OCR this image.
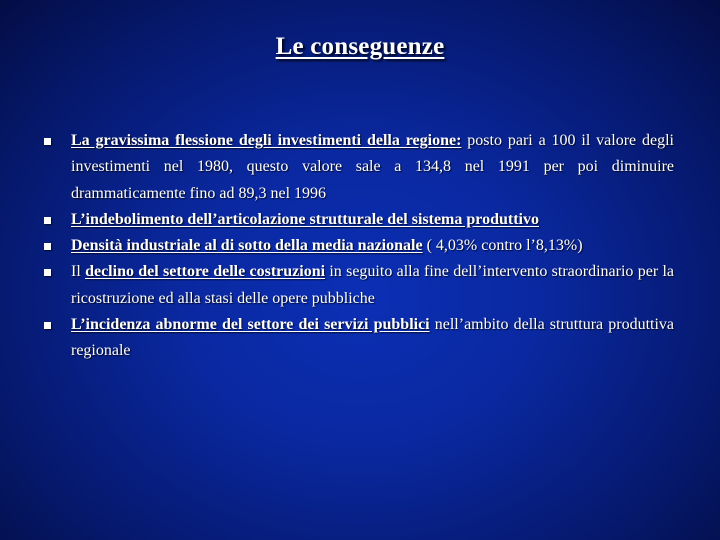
Le conseguenze
La gravissima flessione degli investimenti della regione: posto pari a 100 il valore degli investimenti nel 1980, questo valore sale a 134,8 nel 1991 per poi diminuire drammaticamente fino ad 89,3 nel 1996
L’indebolimento dell’articolazione strutturale del sistema produttivo
Densità industriale al di sotto della media nazionale ( 4,03% contro l’8,13%)
Il declino del settore delle costruzioni in seguito alla fine dell’intervento straordinario per la ricostruzione ed alla stasi delle opere pubbliche
L’incidenza abnorme del settore dei servizi pubblici nell’ambito della struttura produttiva regionale
